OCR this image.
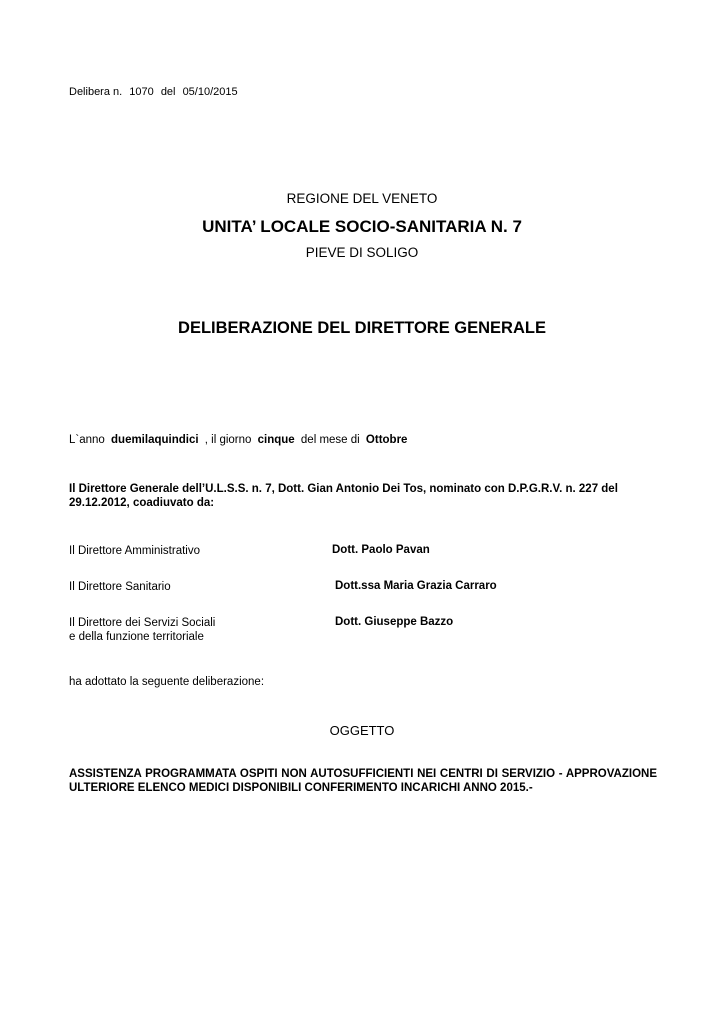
Delibera n. 1070 del 05/10/2015
REGIONE DEL VENETO
UNITA’ LOCALE SOCIO-SANITARIA N. 7
PIEVE DI SOLIGO
DELIBERAZIONE DEL DIRETTORE GENERALE
L`anno duemilaquindici , il giorno cinque del mese di Ottobre
Il Direttore Generale dell’U.L.S.S. n. 7, Dott. Gian Antonio Dei Tos, nominato con D.P.G.R.V. n. 227 del 29.12.2012, coadiuvato da:
Il Direttore Amministrativo	Dott. Paolo Pavan
Il Direttore Sanitario	Dott.ssa Maria Grazia Carraro
Il Direttore dei Servizi Sociali
e della funzione territoriale
Dott. Giuseppe Bazzo
ha adottato la seguente deliberazione:
OGGETTO
ASSISTENZA PROGRAMMATA OSPITI NON AUTOSUFFICIENTI NEI CENTRI DI SERVIZIO - APPROVAZIONE ULTERIORE ELENCO MEDICI DISPONIBILI CONFERIMENTO INCARICHI ANNO 2015.-
